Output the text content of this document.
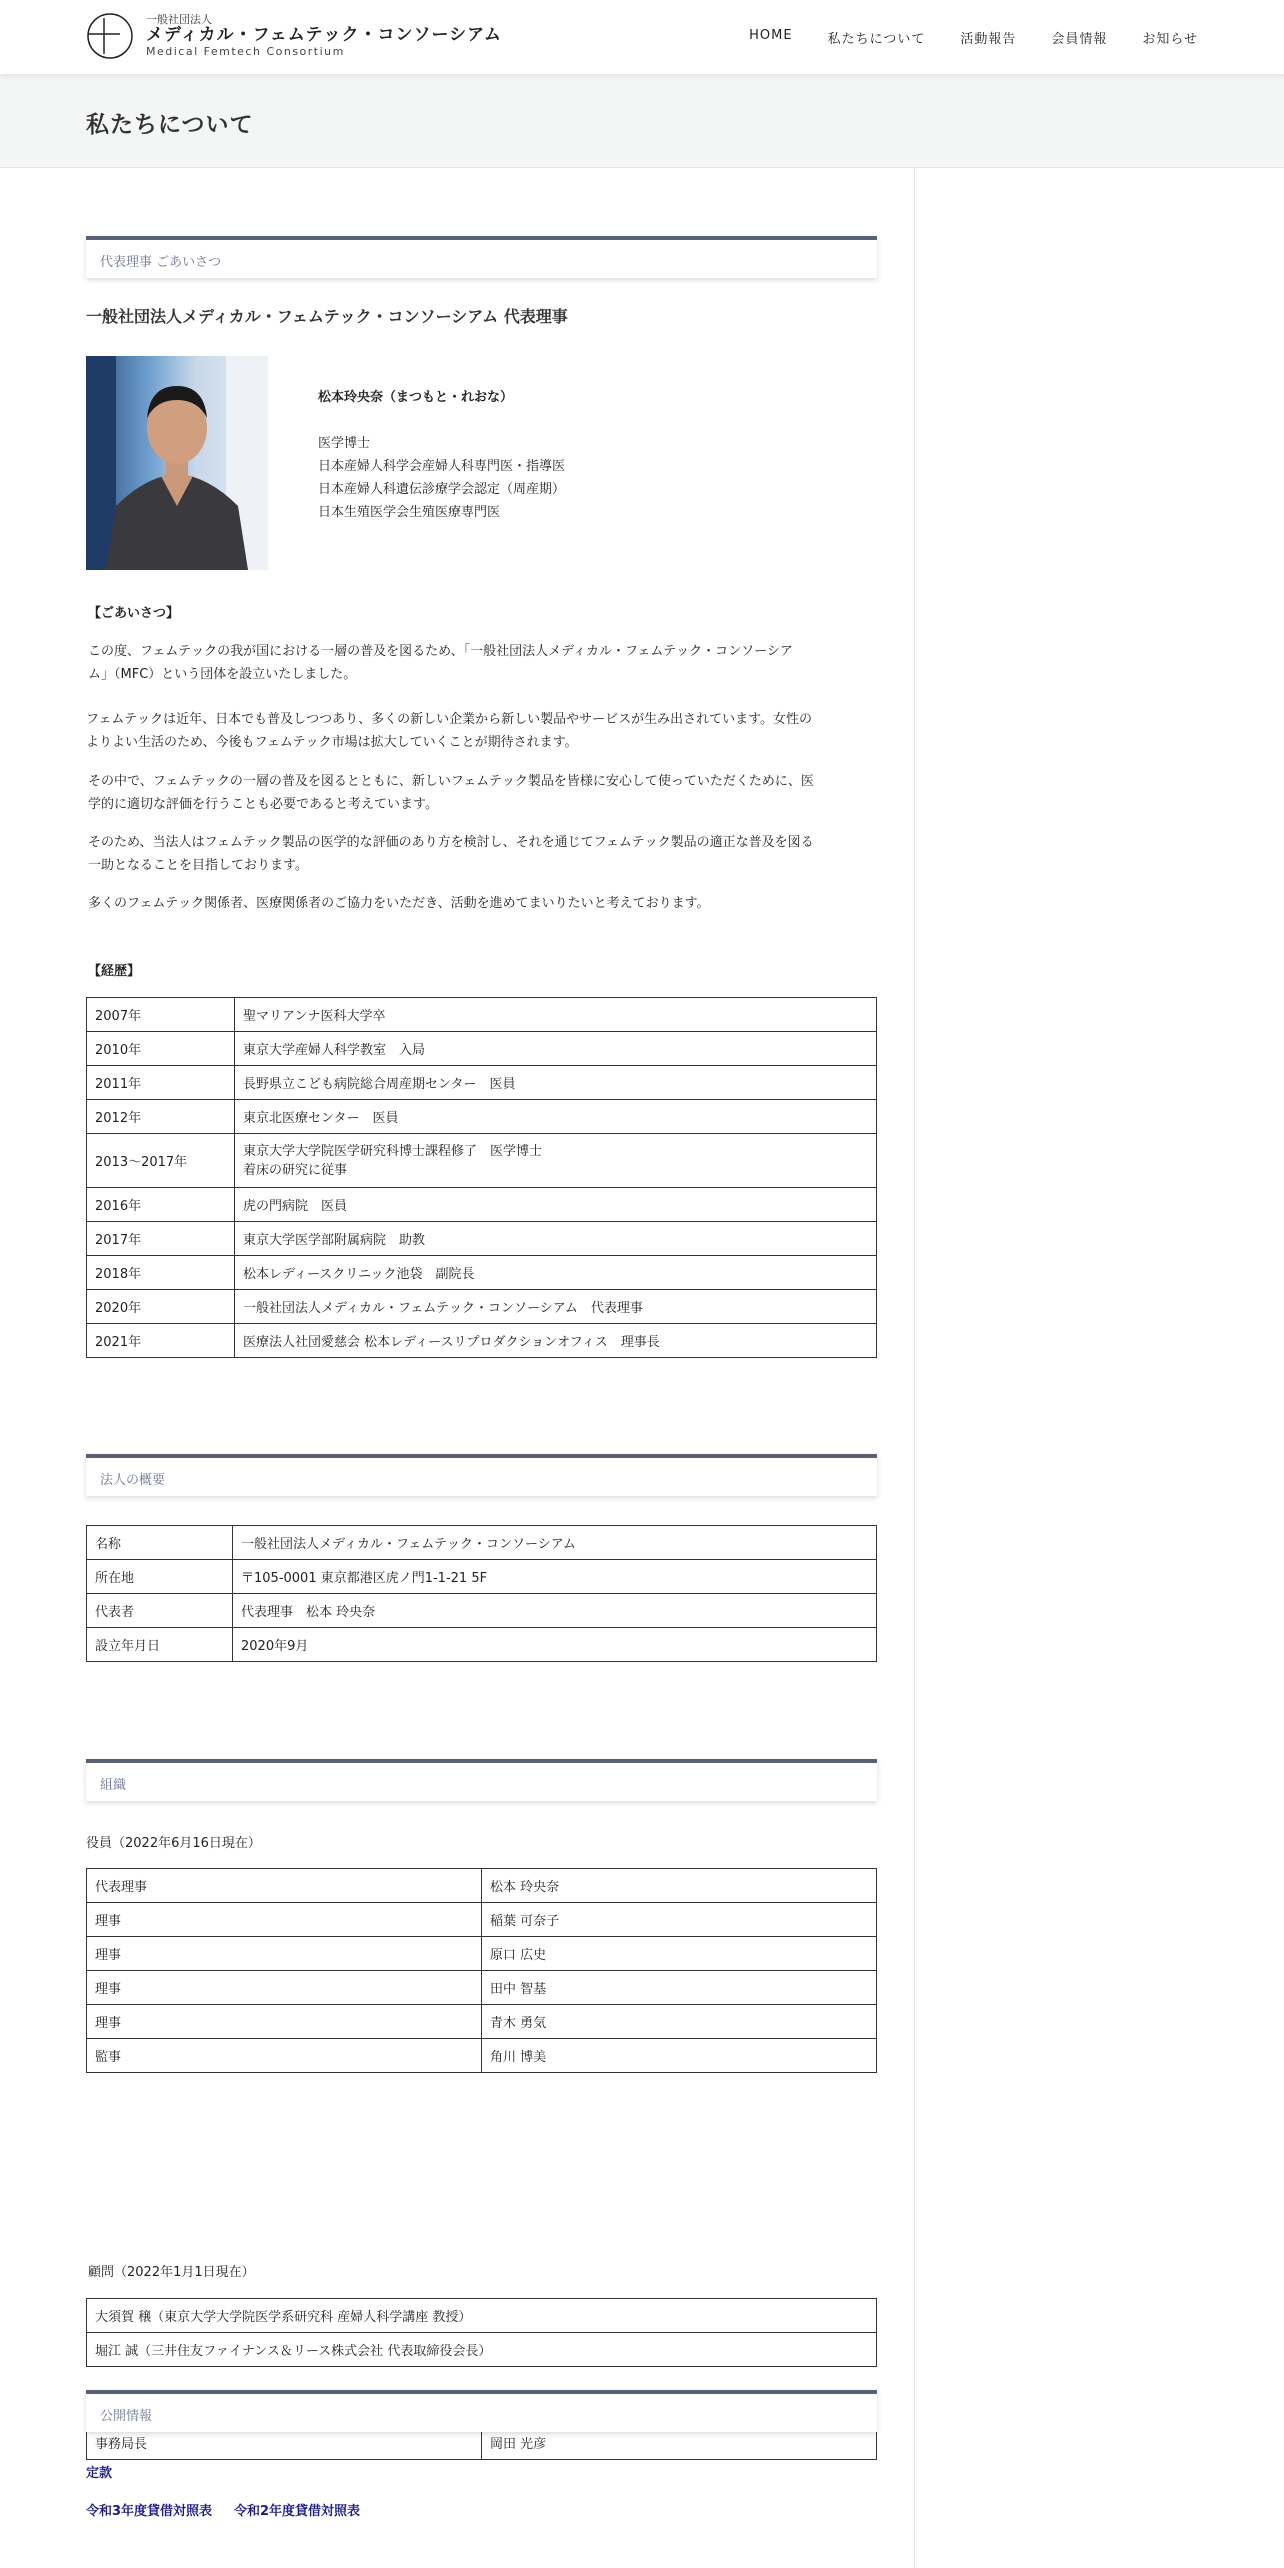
一般社団法人
メディカル・フェムテック・コンソーシアム
Medical Femtech Consortium
HOME	私たちについて	活動報告	会員情報	お知らせ
私たちについて
代表理事 ごあいさつ
一般社団法人メディカル・フェムテック・コンソーシアム 代表理事
松本玲央奈（まつもと・れおな）
医学博士
日本産婦人科学会産婦人科専門医・指導医
日本産婦人科遺伝診療学会認定（周産期）
日本生殖医学会生殖医療専門医
【ごあいさつ】
この度、フェムテックの我が国における一層の普及を図るため、「一般社団法人メディカル・フェムテック・コンソーシア
ム」（MFC）という団体を設立いたしました。
フェムテックは近年、日本でも普及しつつあり、多くの新しい企業から新しい製品やサービスが生み出されています。女性の
よりよい生活のため、今後もフェムテック市場は拡大していくことが期待されます。
その中で、フェムテックの一層の普及を図るとともに、新しいフェムテック製品を皆様に安心して使っていただくために、医
学的に適切な評価を行うことも必要であると考えています。
そのため、当法人はフェムテック製品の医学的な評価のあり方を検討し、それを通じてフェムテック製品の適正な普及を図る
一助となることを目指しております。
多くのフェムテック関係者、医療関係者のご協力をいただき、活動を進めてまいりたいと考えております。
【経歴】
2007年	聖マリアンナ医科大学卒
2010年	東京大学産婦人科学教室　入局
2011年	長野県立こども病院総合周産期センター　医員
2012年	東京北医療センター　医員
2013〜2017年	東京大学大学院医学研究科博士課程修了　医学博士
着床の研究に従事

2016年	虎の門病院　医員
2017年	東京大学医学部附属病院　助教
2018年	松本レディースクリニック池袋　副院長
2020年	一般社団法人メディカル・フェムテック・コンソーシアム　代表理事
2021年	医療法人社団愛慈会 松本レディースリプロダクションオフィス　理事長
法人の概要
名称	一般社団法人メディカル・フェムテック・コンソーシアム
所在地	〒105-0001 東京都港区虎ノ門1-1-21 5F
代表者	代表理事　松本 玲央奈
設立年月日	2020年9月
組織
役員（2022年6月16日現在）
代表理事	松本 玲央奈
理事	稲葉 可奈子
理事	原口 広史
理事	田中 智基
理事	青木 勇気
監事	角川 博美
顧問（2022年1月1日現在）
大須賀 穣（東京大学大学院医学系研究科 産婦人科学講座 教授）
堀江 誠（三井住友ファイナンス＆リース株式会社 代表取締役会長）
事務局長	岡田 光彦
公開情報
定款
令和3年度貸借対照表 令和2年度貸借対照表
